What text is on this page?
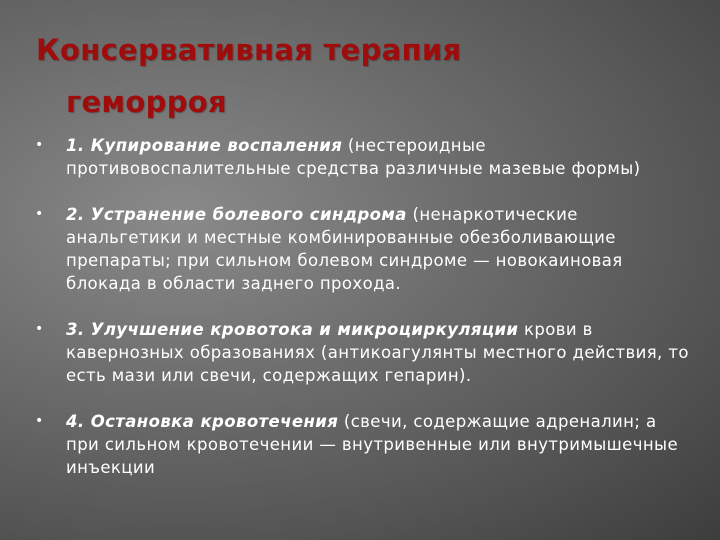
Консервативная терапия
геморроя
• 1. Купирование воспаления (нестероидные противовоспалительные средства различные мазевые формы)
• 2. Устранение болевого синдрома (ненаркотические анальгетики и местные комбинированные обезболивающие препараты; при сильном болевом синдроме — новокаиновая блокада в области заднего прохода.
• 3. Улучшение кровотока и микроциркуляции крови в кавернозных образованиях (антикоагулянты местного действия, то есть мази или свечи, содержащих гепарин).
• 4. Остановка кровотечения (свечи, содержащие адреналин; а при сильном кровотечении — внутривенные или внутримышечные инъекции
